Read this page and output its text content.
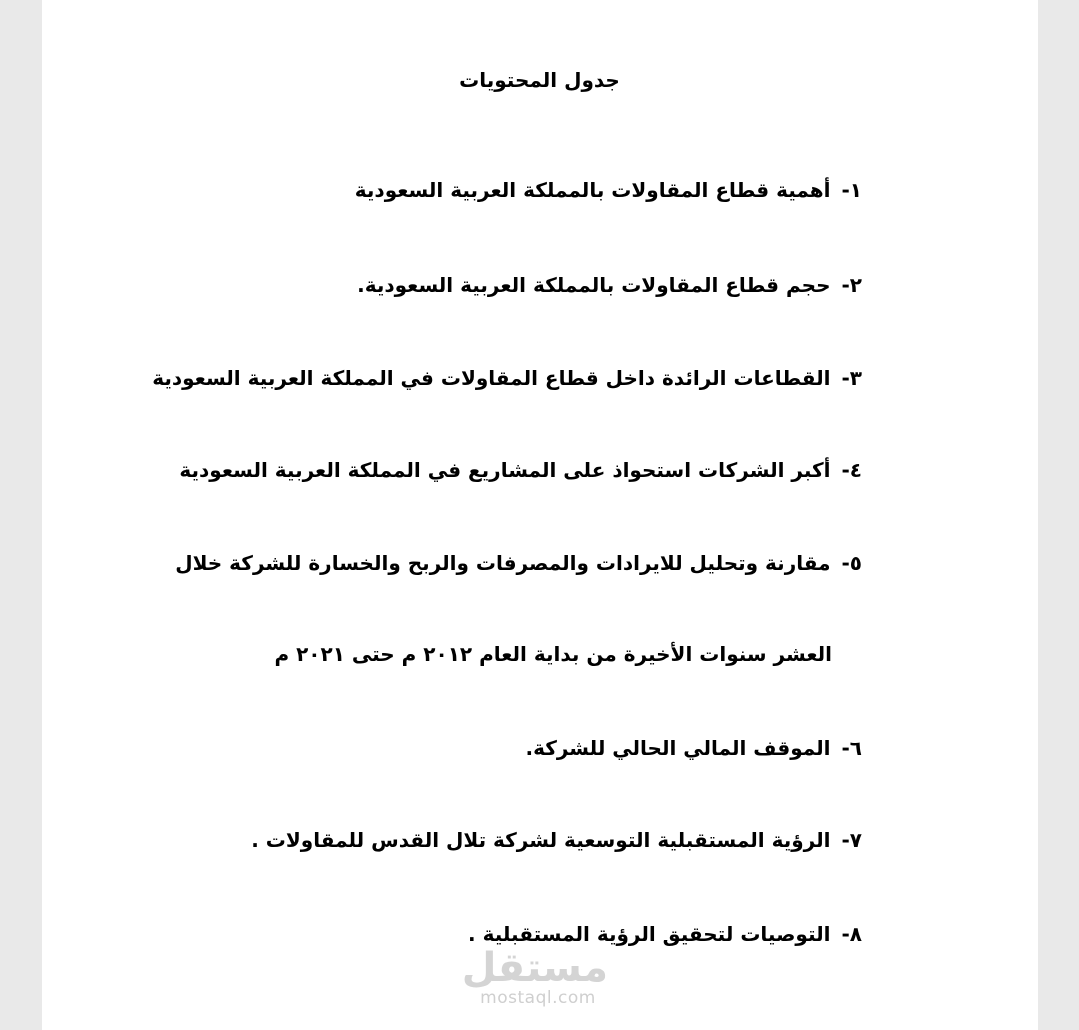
جدول المحتويات
١- أهمية قطاع المقاولات بالمملكة العربية السعودية
٢- حجم قطاع المقاولات بالمملكة العربية السعودية.
٣- القطاعات الرائدة داخل قطاع المقاولات في المملكة العربية السعودية
٤- أكبر الشركات استحواذ على المشاريع في المملكة العربية السعودية
٥- مقارنة وتحليل للايرادات والمصرفات والربح والخسارة للشركة خلال
العشر سنوات الأخيرة من بداية العام ٢٠١٢ م حتى ٢٠٢١ م
٦- الموقف المالي الحالي للشركة.
٧- الرؤية المستقبلية التوسعية لشركة تلال القدس للمقاولات .
٨- التوصيات لتحقيق الرؤية المستقبلية .
مستقل
mostaql.com
